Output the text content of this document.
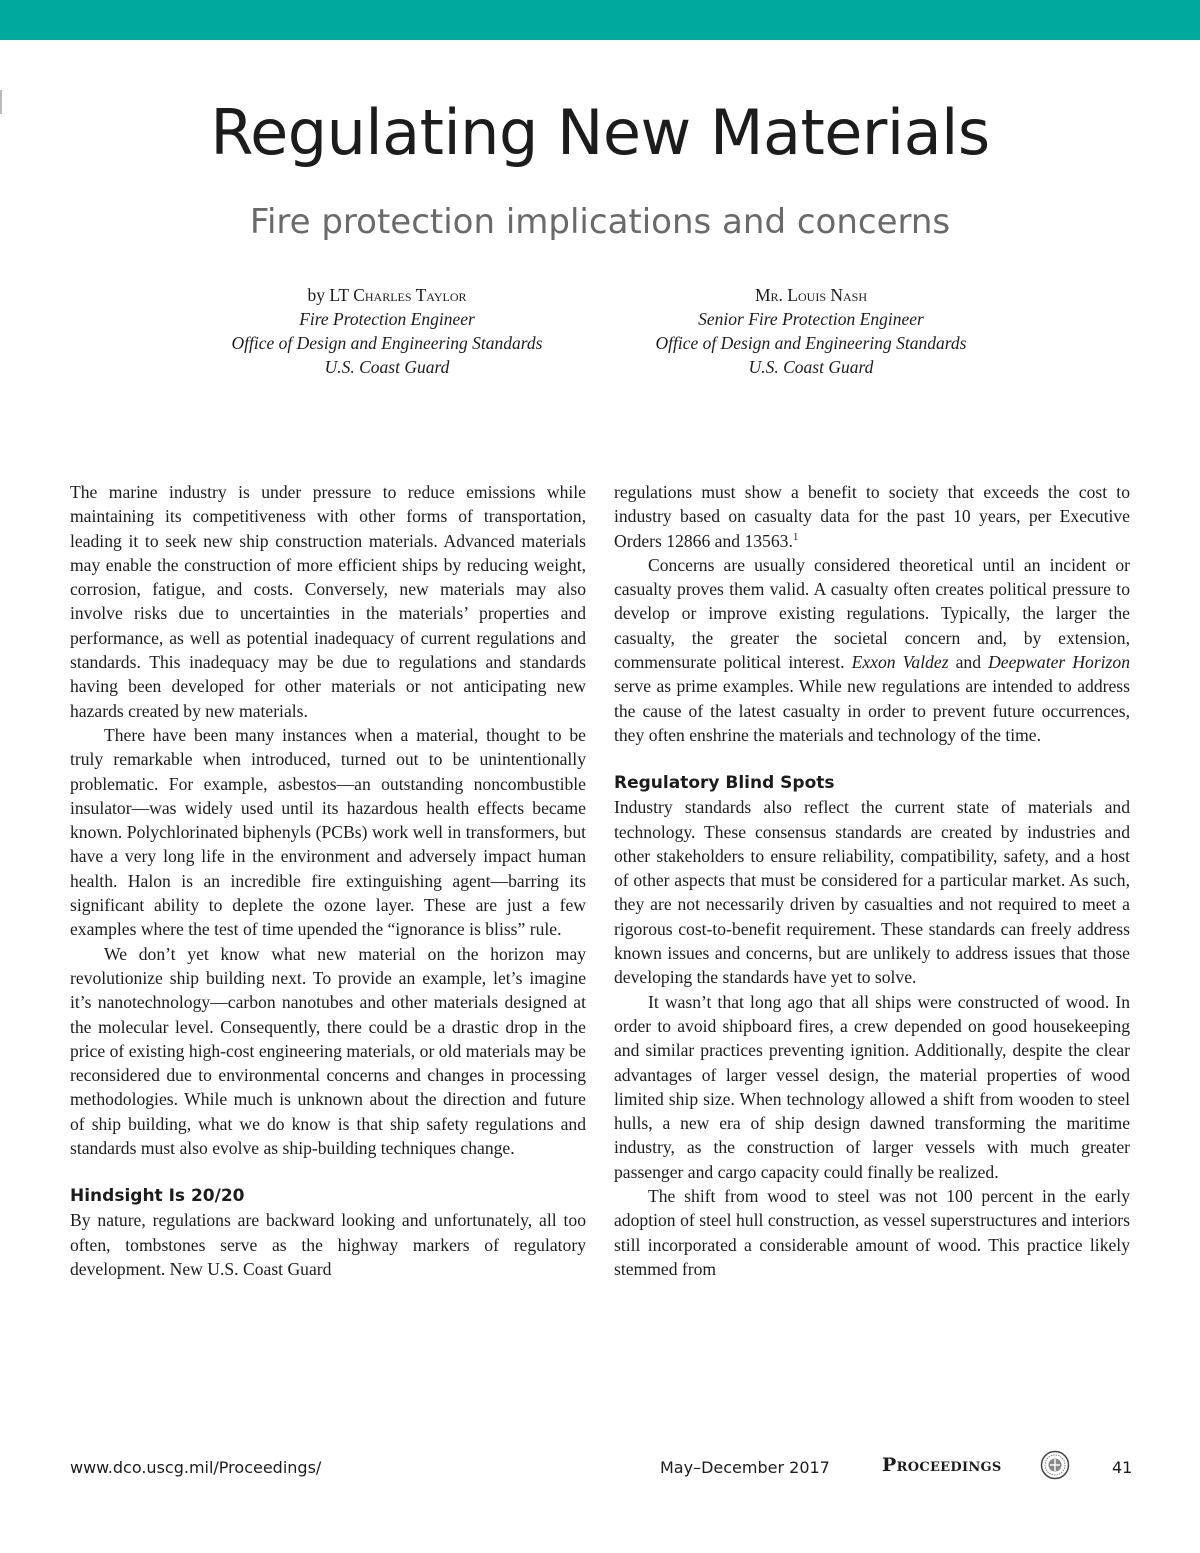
Regulating New Materials
Fire protection implications and concerns
by LT Charles Taylor
Fire Protection Engineer
Office of Design and Engineering Standards
U.S. Coast Guard
Mr. Louis Nash
Senior Fire Protection Engineer
Office of Design and Engineering Standards
U.S. Coast Guard

The marine industry is under pressure to reduce emissions while maintaining its competitiveness with other forms of transportation, leading it to seek new ship construction materials. Advanced materials may enable the construction of more efficient ships by reducing weight, corrosion, fatigue, and costs. Conversely, new materials may also involve risks due to uncertainties in the materials’ properties and performance, as well as potential inadequacy of current regulations and standards. This inadequacy may be due to regulations and standards having been developed for other materials or not anticipating new hazards created by new materials.

There have been many instances when a material, thought to be truly remarkable when introduced, turned out to be unintentionally problematic. For example, asbestos—an outstanding noncombustible insulator—was widely used until its hazardous health effects became known. Polychlorinated biphenyls (PCBs) work well in transformers, but have a very long life in the environment and adversely impact human health. Halon is an incredible fire extinguishing agent—barring its significant ability to deplete the ozone layer. These are just a few examples where the test of time upended the “ignorance is bliss” rule.

We don’t yet know what new material on the horizon may revolutionize ship building next. To provide an example, let’s imagine it’s nanotechnology—carbon nanotubes and other materials designed at the molecular level. Consequently, there could be a drastic drop in the price of existing high-cost engineering materials, or old materials may be reconsidered due to environmental concerns and changes in processing methodologies. While much is unknown about the direction and future of ship building, what we do know is that ship safety regulations and standards must also evolve as ship-building techniques change.

Hindsight Is 20/20

By nature, regulations are backward looking and unfortunately, all too often, tombstones serve as the highway markers of regulatory development. New U.S. Coast Guard

regulations must show a benefit to society that exceeds the cost to industry based on casualty data for the past 10 years, per Executive Orders 12866 and 13563.$^1$

Concerns are usually considered theoretical until an incident or casualty proves them valid. A casualty often creates political pressure to develop or improve existing regulations. Typically, the larger the casualty, the greater the societal concern and, by extension, commensurate political interest. Exxon Valdez and Deepwater Horizon serve as prime examples. While new regulations are intended to address the cause of the latest casualty in order to prevent future occurrences, they often enshrine the materials and technology of the time.

Regulatory Blind Spots

Industry standards also reflect the current state of materials and technology. These consensus standards are created by industries and other stakeholders to ensure reliability, compatibility, safety, and a host of other aspects that must be considered for a particular market. As such, they are not necessarily driven by casualties and not required to meet a rigorous cost-to-benefit requirement. These standards can freely address known issues and concerns, but are unlikely to address issues that those developing the standards have yet to solve.

It wasn’t that long ago that all ships were constructed of wood. In order to avoid shipboard fires, a crew depended on good housekeeping and similar practices preventing ignition. Additionally, despite the clear advantages of larger vessel design, the material properties of wood limited ship size. When technology allowed a shift from wooden to steel hulls, a new era of ship design dawned transforming the maritime industry, as the construction of larger vessels with much greater passenger and cargo capacity could finally be realized.

The shift from wood to steel was not 100 percent in the early adoption of steel hull construction, as vessel superstructures and interiors still incorporated a considerable amount of wood. This practice likely stemmed from

www.dco.uscg.mil/Proceedings/	May–December 2017	Proceedings	41
